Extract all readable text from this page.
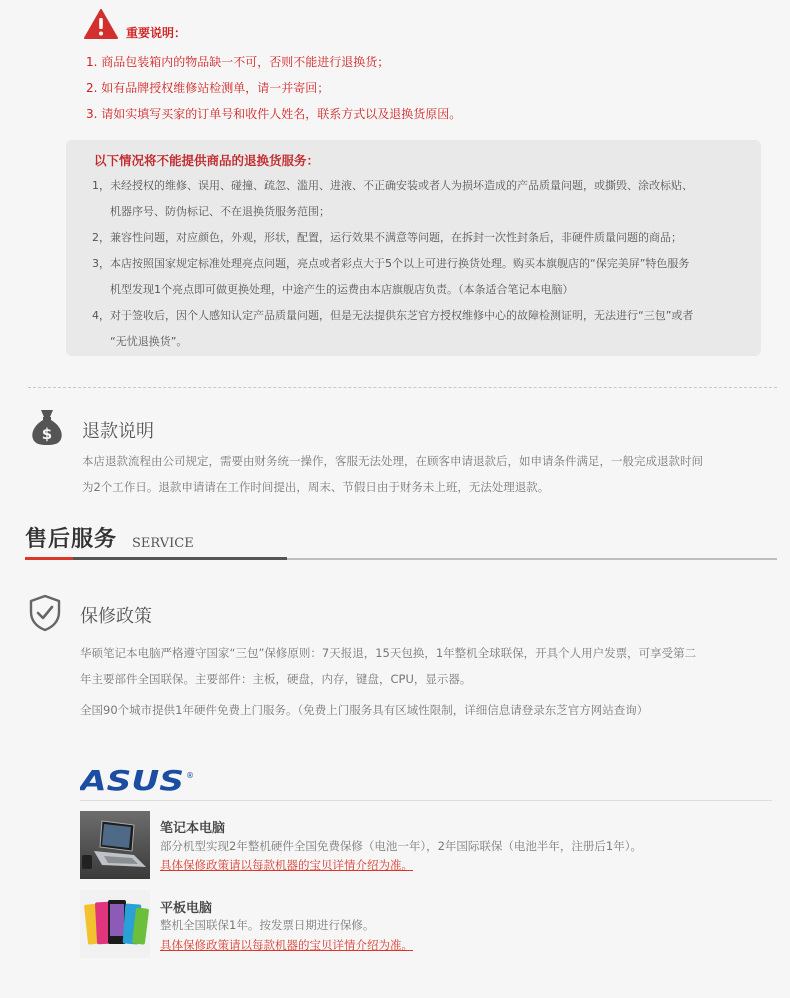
重要说明：
1. 商品包装箱内的物品缺一不可，否则不能进行退换货；
2. 如有品牌授权维修站检测单，请一并寄回；
3. 请如实填写买家的订单号和收件人姓名，联系方式以及退换货原因。
以下情况将不能提供商品的退换货服务：
1，未经授权的维修、误用、碰撞、疏忽、滥用、进液、不正确安装或者人为损坏造成的产品质量问题，或撕毁、涂改标贴、
机器序号、防伪标记、不在退换货服务范围；
2，兼容性问题，对应颜色，外观，形状，配置，运行效果不满意等问题，在拆封一次性封条后，非硬件质量问题的商品；
3，本店按照国家规定标准处理亮点问题，亮点或者彩点大于5个以上可进行换货处理。购买本旗舰店的“保完美屏”特色服务
机型发现1个亮点即可做更换处理，中途产生的运费由本店旗舰店负责。（本条适合笔记本电脑）
4，对于签收后，因个人感知认定产品质量问题，但是无法提供东芝官方授权维修中心的故障检测证明，无法进行“三包”或者
“无忧退换货”。
$ 退款说明
本店退款流程由公司规定，需要由财务统一操作，客服无法处理，在顾客申请退款后，如申请条件满足，一般完成退款时间
为2个工作日。退款申请请在工作时间提出，周末、节假日由于财务未上班，无法处理退款。
售后服务 SERVICE
保修政策
华硕笔记本电脑严格遵守国家“三包”保修原则：7天报退，15天包换，1年整机全球联保，开具个人用户发票，可享受第二
年主要部件全国联保。主要部件：主板，硬盘，内存，键盘，CPU，显示器。
全国90个城市提供1年硬件免费上门服务。（免费上门服务具有区域性限制，详细信息请登录东芝官方网站查询）
ASUS ®
笔记本电脑
部分机型实现2年整机硬件全国免费保修（电池一年），2年国际联保（电池半年，注册后1年）。
具体保修政策请以每款机器的宝贝详情介绍为准。
平板电脑
整机全国联保1年。按发票日期进行保修。
具体保修政策请以每款机器的宝贝详情介绍为准。
